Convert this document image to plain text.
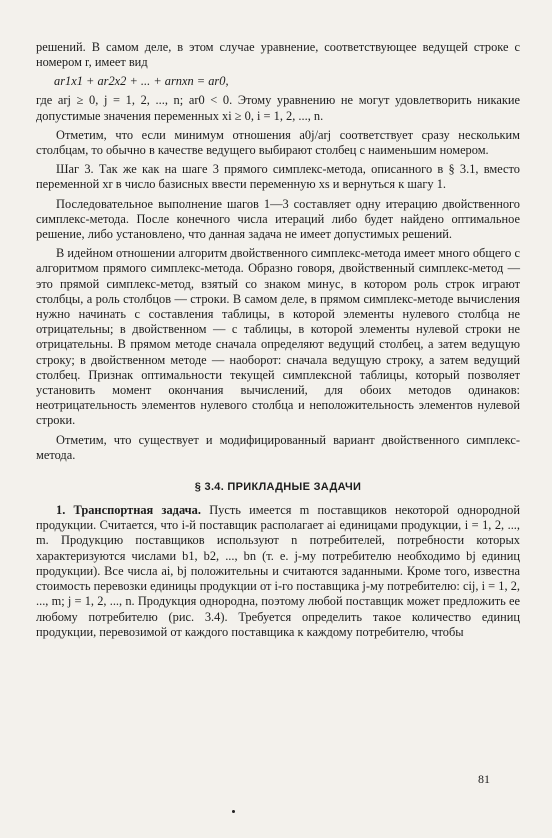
решений. В самом деле, в этом случае уравнение, соответствующее ведущей строке с номером r, имеет вид

ar1x1 + ar2x2 + ... + arnxn = ar0,

где arj ≥ 0, j = 1, 2, ..., n; ar0 < 0. Этому уравнению не могут удовлетворить никакие допустимые значения переменных xi ≥ 0, i = 1, 2, ..., n.

Отметим, что если минимум отношения a0j/arj соответствует сразу нескольким столбцам, то обычно в качестве ведущего выбирают столбец с наименьшим номером.

Шаг 3. Так же как на шаге 3 прямого симплекс-метода, описанного в § 3.1, вместо переменной xr в число базисных ввести переменную xs и вернуться к шагу 1.

Последовательное выполнение шагов 1—3 составляет одну итерацию двойственного симплекс-метода. После конечного числа итераций либо будет найдено оптимальное решение, либо установлено, что данная задача не имеет допустимых решений.

В идейном отношении алгоритм двойственного симплекс-метода имеет много общего с алгоритмом прямого симплекс-метода. Образно говоря, двойственный симплекс-метод — это прямой симплекс-метод, взятый со знаком минус, в котором роль строк играют столбцы, а роль столбцов — строки. В самом деле, в прямом симплекс-методе вычисления нужно начинать с составления таблицы, в которой элементы нулевого столбца не отрицательны; в двойственном — с таблицы, в которой элементы нулевой строки не отрицательны. В прямом методе сначала определяют ведущий столбец, а затем ведущую строку; в двойственном методе — наоборот: сначала ведущую строку, а затем ведущий столбец. Признак оптимальности текущей симплексной таблицы, который позволяет установить момент окончания вычислений, для обоих методов одинаков: неотрицательность элементов нулевого столбца и неположительность элементов нулевой строки.

Отметим, что существует и модифицированный вариант двойственного симплекс-метода.

§ 3.4. ПРИКЛАДНЫЕ ЗАДАЧИ

1. Транспортная задача. Пусть имеется m поставщиков некоторой однородной продукции. Считается, что i-й поставщик располагает ai единицами продукции, i = 1, 2, ..., m. Продукцию поставщиков используют n потребителей, потребности которых характеризуются числами b1, b2, ..., bn (т. е. j-му потребителю необходимо bj единиц продукции). Все числа ai, bj положительны и считаются заданными. Кроме того, известна стоимость перевозки единицы продукции от i-го поставщика j-му потребителю: cij, i = 1, 2, ..., m; j = 1, 2, ..., n. Продукция однородна, поэтому любой поставщик может предложить ее любому потребителю (рис. 3.4). Требуется определить такое количество единиц продукции, перевозимой от каждого поставщика к каждому потребителю, чтобы

81
